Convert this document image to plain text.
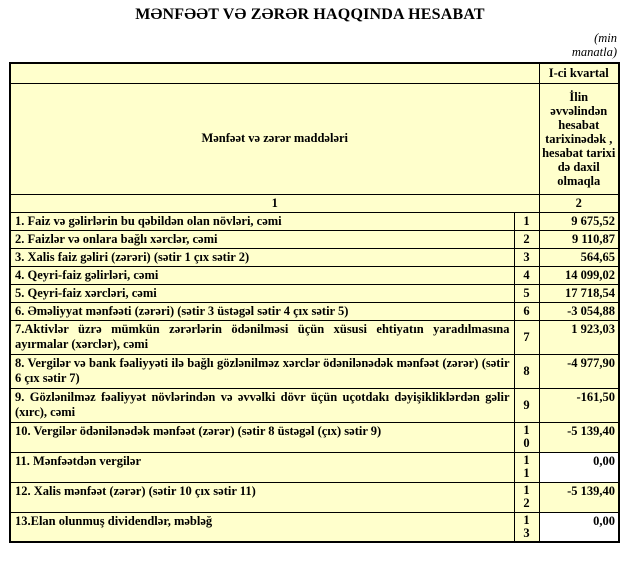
MƏNFƏƏT VƏ ZƏRƏR HAQQINDA HESABAT
(min manatla)
		I-ci kvartal
Mənfəət və zərər maddələri		İlin əvvəlindən hesabat tarixinədək , hesabat tarixi də daxil olmaqla
1		2
1. Faiz və gəlirlərin bu qəbildən olan növləri, cəmi	1	9 675,52
2. Faizlər və onlara bağlı xərclər, cəmi	2	9 110,87
3. Xalis faiz gəliri (zərəri) (sətir 1 çıx sətir 2)	3	564,65
4. Qeyri-faiz gəlirləri, cəmi	4	14 099,02
5. Qeyri-faiz xərcləri, cəmi	5	17 718,54
6. Əməliyyat mənfəəti (zərəri) (sətir 3 üstəgəl sətir 4 çıx sətir 5)	6	-3 054,88
7.Aktivlər üzrə mümkün zərərlərin ödənilməsi üçün xüsusi ehtiyatın yaradılmasına ayırmalar (xərclər), cəmi	7	1 923,03
8. Vergilər və bank fəaliyyəti ilə bağlı gözlənilməz xərclər ödənilənədək mənfəət (zərər) (sətir 6 çıx sətir 7)	8	-4 977,90
9. Gözlənilməz fəaliyyət növlərindən və əvvəlki dövr üçün uçotdakı dəyişikliklərdən gəlir (xırc), cəmi	9	-161,50
10. Vergilər ödənilənədək mənfəət (zərər) (sətir 8 üstəgəl (çıx) sətir 9)	10	-5 139,40
11. Mənfəətdən vergilər	11	0,00
12. Xalis mənfəət (zərər) (sətir 10 çıx sətir 11)	12	-5 139,40
13.Elan olunmuş dividendlər, məbləğ	13	0,00
